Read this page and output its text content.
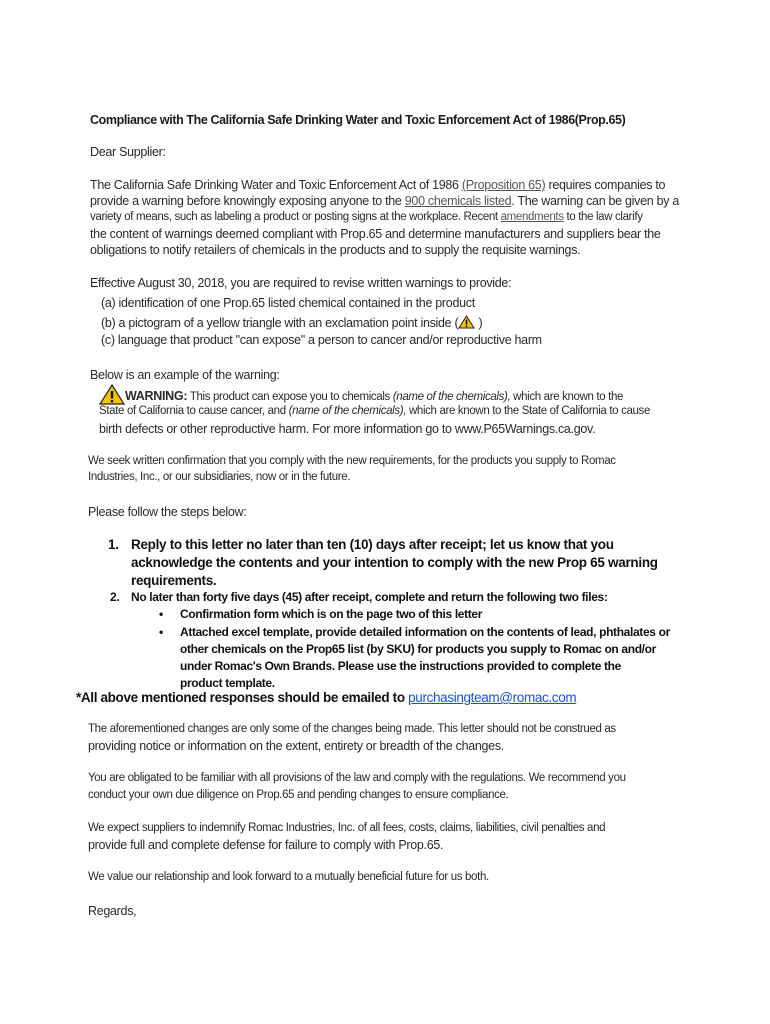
Compliance with The California Safe Drinking Water and Toxic Enforcement Act of 1986(Prop.65)
Dear Supplier:
The California Safe Drinking Water and Toxic Enforcement Act of 1986 (Proposition 65) requires companies to
provide a warning before knowingly exposing anyone to the 900 chemicals listed. The warning can be given by a
variety of means, such as labeling a product or posting signs at the workplace. Recent amendments to the law clarify
the content of warnings deemed compliant with Prop.65 and determine manufacturers and suppliers bear the
obligations to notify retailers of chemicals in the products and to supply the requisite warnings.
Effective August 30, 2018, you are required to revise written warnings to provide:
(a) identification of one Prop.65 listed chemical contained in the product
(b) a pictogram of a yellow triangle with an exclamation point inside ( )
(c) language that product "can expose" a person to cancer and/or reproductive harm
Below is an example of the warning:
WARNING: This product can expose you to chemicals (name of the chemicals), which are known to the
State of California to cause cancer, and (name of the chemicals), which are known to the State of California to cause
birth defects or other reproductive harm. For more information go to www.P65Warnings.ca.gov.
We seek written confirmation that you comply with the new requirements, for the products you supply to Romac
Industries, Inc., or our subsidiaries, now or in the future.
Please follow the steps below:
1. Reply to this letter no later than ten (10) days after receipt; let us know that you
acknowledge the contents and your intention to comply with the new Prop 65 warning
requirements.
2. No later than forty five days (45) after receipt, complete and return the following two files:
• Confirmation form which is on the page two of this letter
• Attached excel template, provide detailed information on the contents of lead, phthalates or
other chemicals on the Prop65 list (by SKU) for products you supply to Romac on and/or
under Romac's Own Brands. Please use the instructions provided to complete the
product template.
*All above mentioned responses should be emailed to purchasingteam@romac.com
The aforementioned changes are only some of the changes being made. This letter should not be construed as
providing notice or information on the extent, entirety or breadth of the changes.
You are obligated to be familiar with all provisions of the law and comply with the regulations. We recommend you
conduct your own due diligence on Prop.65 and pending changes to ensure compliance.
We expect suppliers to indemnify Romac Industries, Inc. of all fees, costs, claims, liabilities, civil penalties and
provide full and complete defense for failure to comply with Prop.65.
We value our relationship and look forward to a mutually beneficial future for us both.
Regards,
